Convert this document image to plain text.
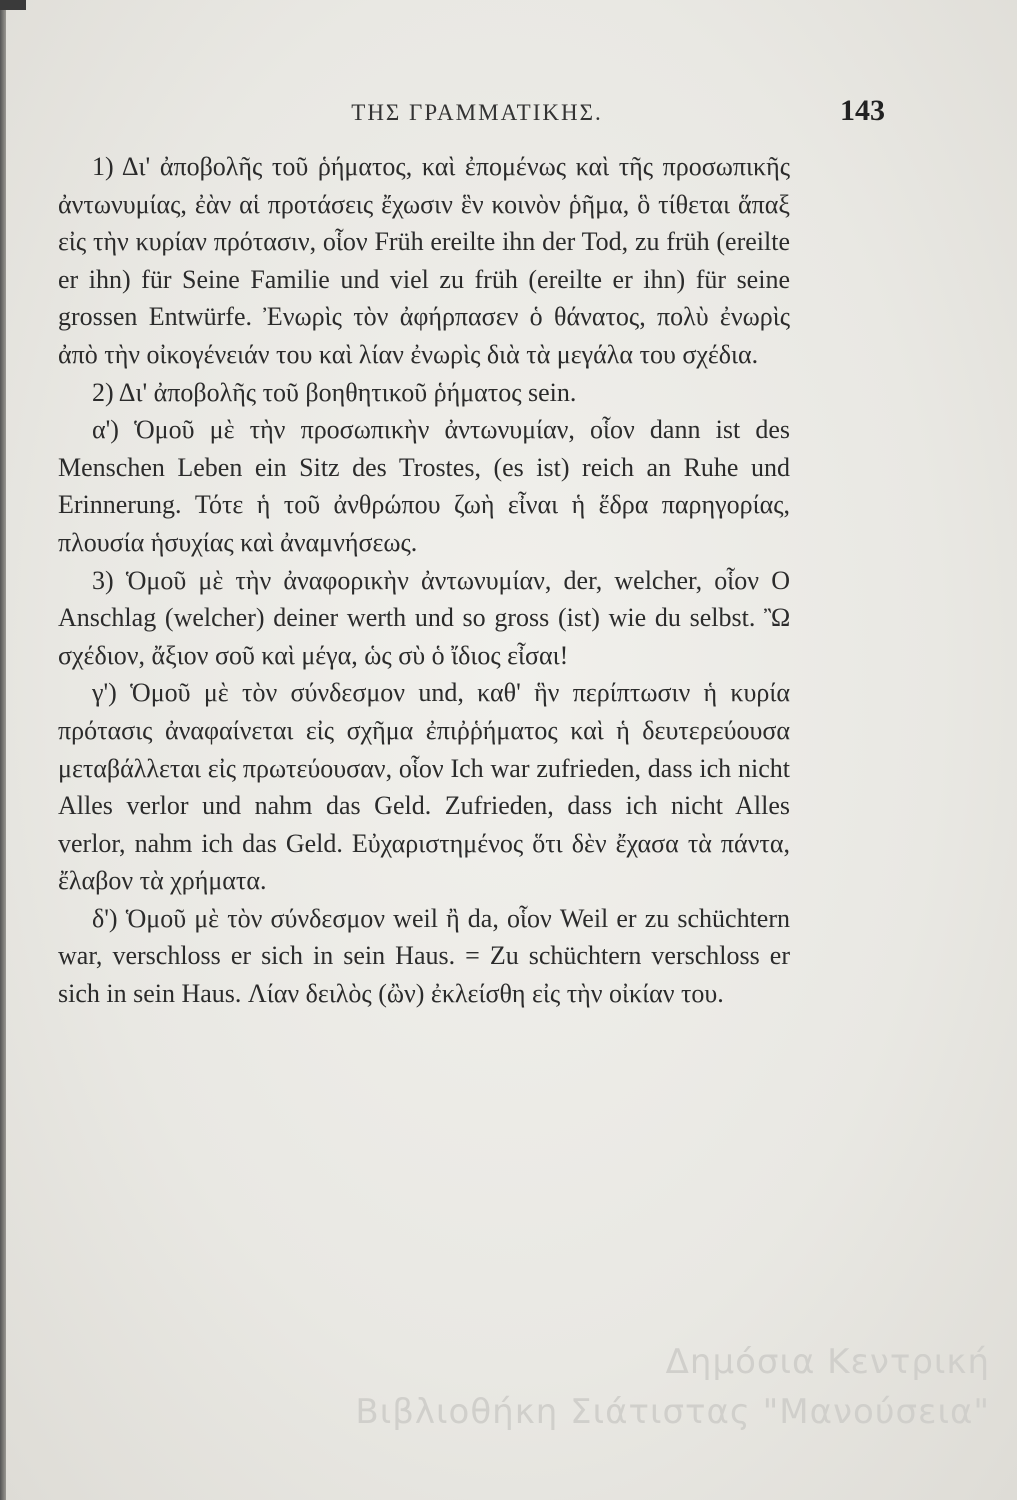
ΤΗΣ ΓΡΑΜΜΑΤΙΚΗΣ.	143

1) Δι' ἀποβολῆς τοῦ ῥήματος, καὶ ἐπομένως καὶ τῆς προσωπικῆς ἀντωνυμίας, ἐὰν αἱ προτάσεις ἔχωσιν ἓν κοινὸν ῥῆμα, ὃ τίθεται ἅπαξ εἰς τὴν κυρίαν πρότασιν, οἷον Früh ereilte ihn der Tod, zu früh (ereilte er ihn) für Seine Familie und viel zu früh (ereilte er ihn) für seine grossen Entwürfe. Ἐνωρὶς τὸν ἀφήρπασεν ὁ θάνατος, πολὺ ἐνωρὶς ἀπὸ τὴν οἰκογένειάν του καὶ λίαν ἐνωρὶς διὰ τὰ μεγάλα του σχέδια.

2) Δι' ἀποβολῆς τοῦ βοηθητικοῦ ῥήματος sein.

α') Ὁμοῦ μὲ τὴν προσωπικὴν ἀντωνυμίαν, οἷον dann ist des Menschen Leben ein Sitz des Trostes, (es ist) reich an Ruhe und Erinnerung. Τότε ἡ τοῦ ἀνθρώπου ζωὴ εἶναι ἡ ἕδρα παρηγορίας, πλουσία ἡσυχίας καὶ ἀναμνήσεως.

3) Ὁμοῦ μὲ τὴν ἀναφορικὴν ἀντωνυμίαν, der, welcher, οἷον O Anschlag (welcher) deiner werth und so gross (ist) wie du selbst. Ὢ σχέδιον, ἄξιον σοῦ καὶ μέγα, ὡς σὺ ὁ ἴδιος εἶσαι!

γ') Ὁμοῦ μὲ τὸν σύνδεσμον und, καθ' ἣν περίπτωσιν ἡ κυρία πρότασις ἀναφαίνεται εἰς σχῆμα ἐπιῤῥήματος καὶ ἡ δευτερεύουσα μεταβάλλεται εἰς πρωτεύουσαν, οἷον Ich war zufrieden, dass ich nicht Alles verlor und nahm das Geld. Zufrieden, dass ich nicht Alles verlor, nahm ich das Geld. Εὐχαριστημένος ὅτι δὲν ἔχασα τὰ πάντα, ἔλαβον τὰ χρήματα.

δ') Ὁμοῦ μὲ τὸν σύνδεσμον weil ἢ da, οἷον Weil er zu schüchtern war, verschloss er sich in sein Haus. = Zu schüchtern verschloss er sich in sein Haus. Λίαν δειλὸς (ὢν) ἐκλείσθη εἰς τὴν οἰκίαν του.

Δημόσια Κεντρική
Βιβλιοθήκη Σιάτιστας "Μανούσεια"
